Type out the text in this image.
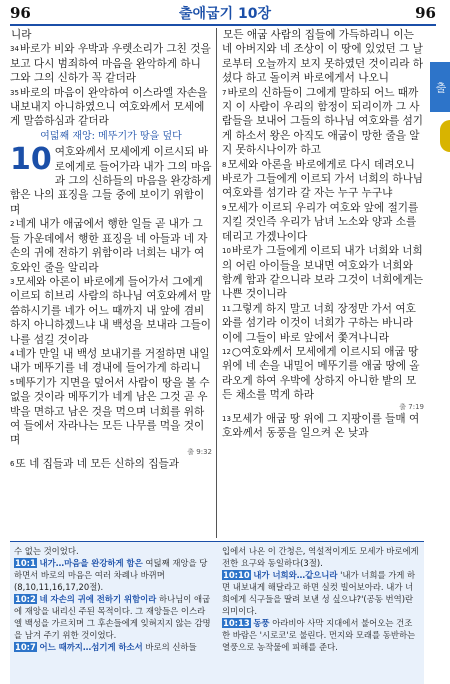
96	출애굽기 10장	96
출

니라

$^{34}$바로가 비와 우박과 우렛소리가 그친 것을 보고 다시 범죄하여 마음을 완악하게 하니 그와 그의 신하가 꼭 같더라

$^{35}$바로의 마음이 완악하여 이스라엘 자손을 내보내지 아니하였으니 여호와께서 모세에게 말씀하심과 같더라

여덟째 재앙: 메뚜기가 땅을 덮다

10 여호와께서 모세에게 이르시되 바로에게로 들어가라 내가 그의 마음과 그의 신하들의 마음을 완강하게 함은 나의 표징을 그들 중에 보이기 위함이며

$^2$네게 내가 애굽에서 행한 일들 곧 내가 그들 가운데에서 행한 표징을 네 아들과 네 자손의 귀에 전하기 위함이라 너희는 내가 여호와인 줄을 알리라

$^3$모세와 아론이 바로에게 들어가서 그에게 이르되 히브리 사람의 하나님 여호와께서 말씀하시기를 네가 어느 때까지 내 앞에 겸비하지 아니하겠느냐 내 백성을 보내라 그들이 나를 섬길 것이라

$^4$네가 만일 내 백성 보내기를 거절하면 내일 내가 메뚜기를 네 경내에 들어가게 하리니

$^5$메뚜기가 지면을 덮어서 사람이 땅을 볼 수 없을 것이라 메뚜기가 네게 남은 그것 곧 우박을 면하고 남은 것을 먹으며 너희를 위하여 들에서 자라나는 모든 나무를 먹을 것이며
출 9:32

$^6$또 네 집들과 네 모든 신하의 집들과

모든 애굽 사람의 집들에 가득하리니 이는 네 아버지와 네 조상이 이 땅에 있었던 그 날로부터 오늘까지 보지 못하였던 것이리라 하셨다 하고 돌이켜 바로에게서 나오니

$^7$바로의 신하들이 그에게 말하되 어느 때까지 이 사람이 우리의 함정이 되리이까 그 사람들을 보내어 그들의 하나님 여호와를 섬기게 하소서 왕은 아직도 애굽이 망한 줄을 알지 못하시나이까 하고

$^8$모세와 아론을 바로에게로 다시 데려오니 바로가 그들에게 이르되 가서 너희의 하나님 여호와를 섬기라 갈 자는 누구 누구냐

$^9$모세가 이르되 우리가 여호와 앞에 절기를 지킬 것인즉 우리가 남녀 노소와 양과 소를 데리고 가겠나이다

$^{10}$바로가 그들에게 이르되 내가 너희와 너희의 어린 아이들을 보내면 여호와가 너희와 함께 함과 같으니라 보라 그것이 너희에게는 나쁜 것이니라

$^{11}$그렇게 하지 말고 너희 장정만 가서 여호와를 섬기라 이것이 너희가 구하는 바니라 이에 그들이 바로 앞에서 쫓겨나니라

$^{12}$○여호와께서 모세에게 이르시되 애굽 땅 위에 네 손을 내밀어 메뚜기를 애굽 땅에 올라오게 하여 우박에 상하지 아니한 밭의 모든 채소를 먹게 하라
출 7:19

$^{13}$모세가 애굽 땅 위에 그 지팡이를 들매 여호와께서 동풍을 일으켜 온 낮과

수 없는 것이었다.
10:1 내가…마음을 완강하게 함은 여덟째 재앙을 당하면서 바로의 마음은 여러 차례나 바뀌며(8,10,11,16,17,20절).
10:2 네 자손의 귀에 전하기 위함이라 하나님이 애굽에 재앙을 내리신 주된 목적이다. 그 재앙들은 이스라엘 백성을 가르치며 그 후손들에게 잊혀지지 않는 감명을 남겨 주기 위한 것이었다.
10:7 어느 때까지…섬기게 하소서 바로의 신하들
입에서 나온 이 간청은, 역설적이게도 모세가 바로에게 전한 요구와 동일하다(3절).
10:10 내가 너희와…같으니라 '내가 너희를 가게 하면 내보내게 해달라고 하면 실컷 빌어보아라. 내가 너희에게 식구들을 딸려 보낸 성 싶으냐?'(공동 번역)란 의미이다.
10:13 동풍 아라비아 사막 지대에서 불어오는 건조한 바람은 '시로코'로 불린다. 먼지와 모래를 동반하는 열풍으로 농작물에 피해를 준다.
